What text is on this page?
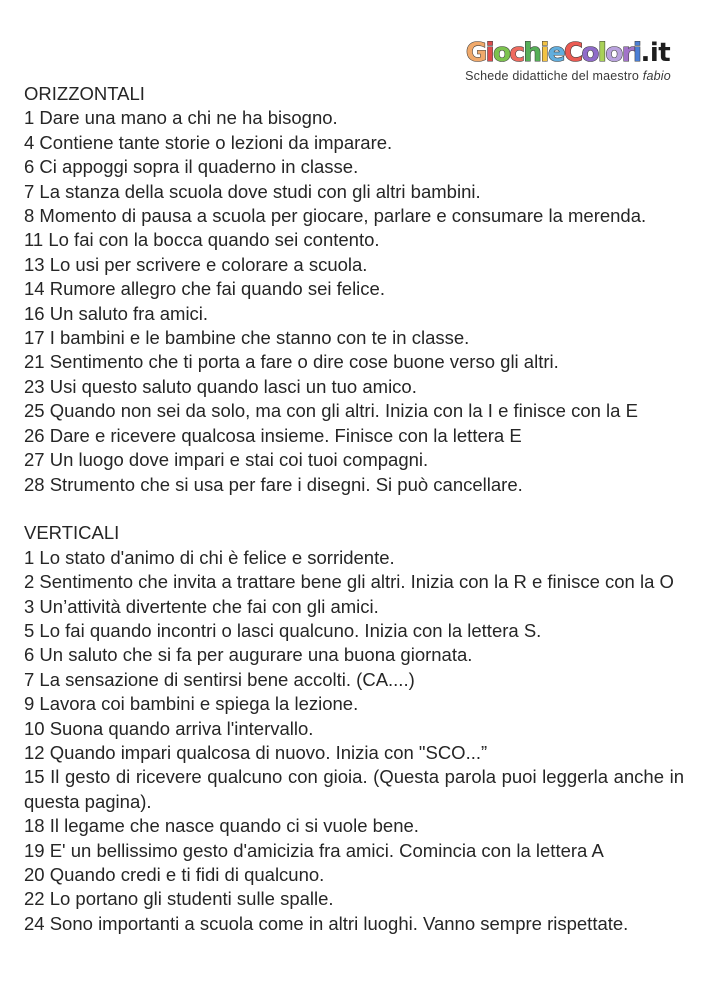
GiochieColori.it
Schede didattiche del maestro fabio
ORIZZONTALI

1 Dare una mano a chi ne ha bisogno.

4 Contiene tante storie o lezioni da imparare.

6 Ci appoggi sopra il quaderno in classe.

7 La stanza della scuola dove studi con gli altri bambini.

8 Momento di pausa a scuola per giocare, parlare e consumare la merenda.

11 Lo fai con la bocca quando sei contento.

13 Lo usi per scrivere e colorare a scuola.

14 Rumore allegro che fai quando sei felice.

16 Un saluto fra amici.

17 I bambini e le bambine che stanno con te in classe.

21 Sentimento che ti porta a fare o dire cose buone verso gli altri.

23 Usi questo saluto quando lasci un tuo amico.

25 Quando non sei da solo, ma con gli altri. Inizia con la I e finisce con la E

26 Dare e ricevere qualcosa insieme. Finisce con la lettera E

27 Un luogo dove impari e stai coi tuoi compagni.

28 Strumento che si usa per fare i disegni. Si può cancellare.

VERTICALI

1 Lo stato d'animo di chi è felice e sorridente.

2 Sentimento che invita a trattare bene gli altri. Inizia con la R e finisce con la O

3 Un’attività divertente che fai con gli amici.

5 Lo fai quando incontri o lasci qualcuno. Inizia con la lettera S.

6 Un saluto che si fa per augurare una buona giornata.

7 La sensazione di sentirsi bene accolti. (CA....)

9 Lavora coi bambini e spiega la lezione.

10 Suona quando arriva l'intervallo.

12 Quando impari qualcosa di nuovo. Inizia con "SCO...”

15 Il gesto di ricevere qualcuno con gioia. (Questa parola puoi leggerla anche in questa pagina).

18 Il legame che nasce quando ci si vuole bene.

19 E' un bellissimo gesto d'amicizia fra amici. Comincia con la lettera A

20 Quando credi e ti fidi di qualcuno.

22 Lo portano gli studenti sulle spalle.

24 Sono importanti a scuola come in altri luoghi. Vanno sempre rispettate.
